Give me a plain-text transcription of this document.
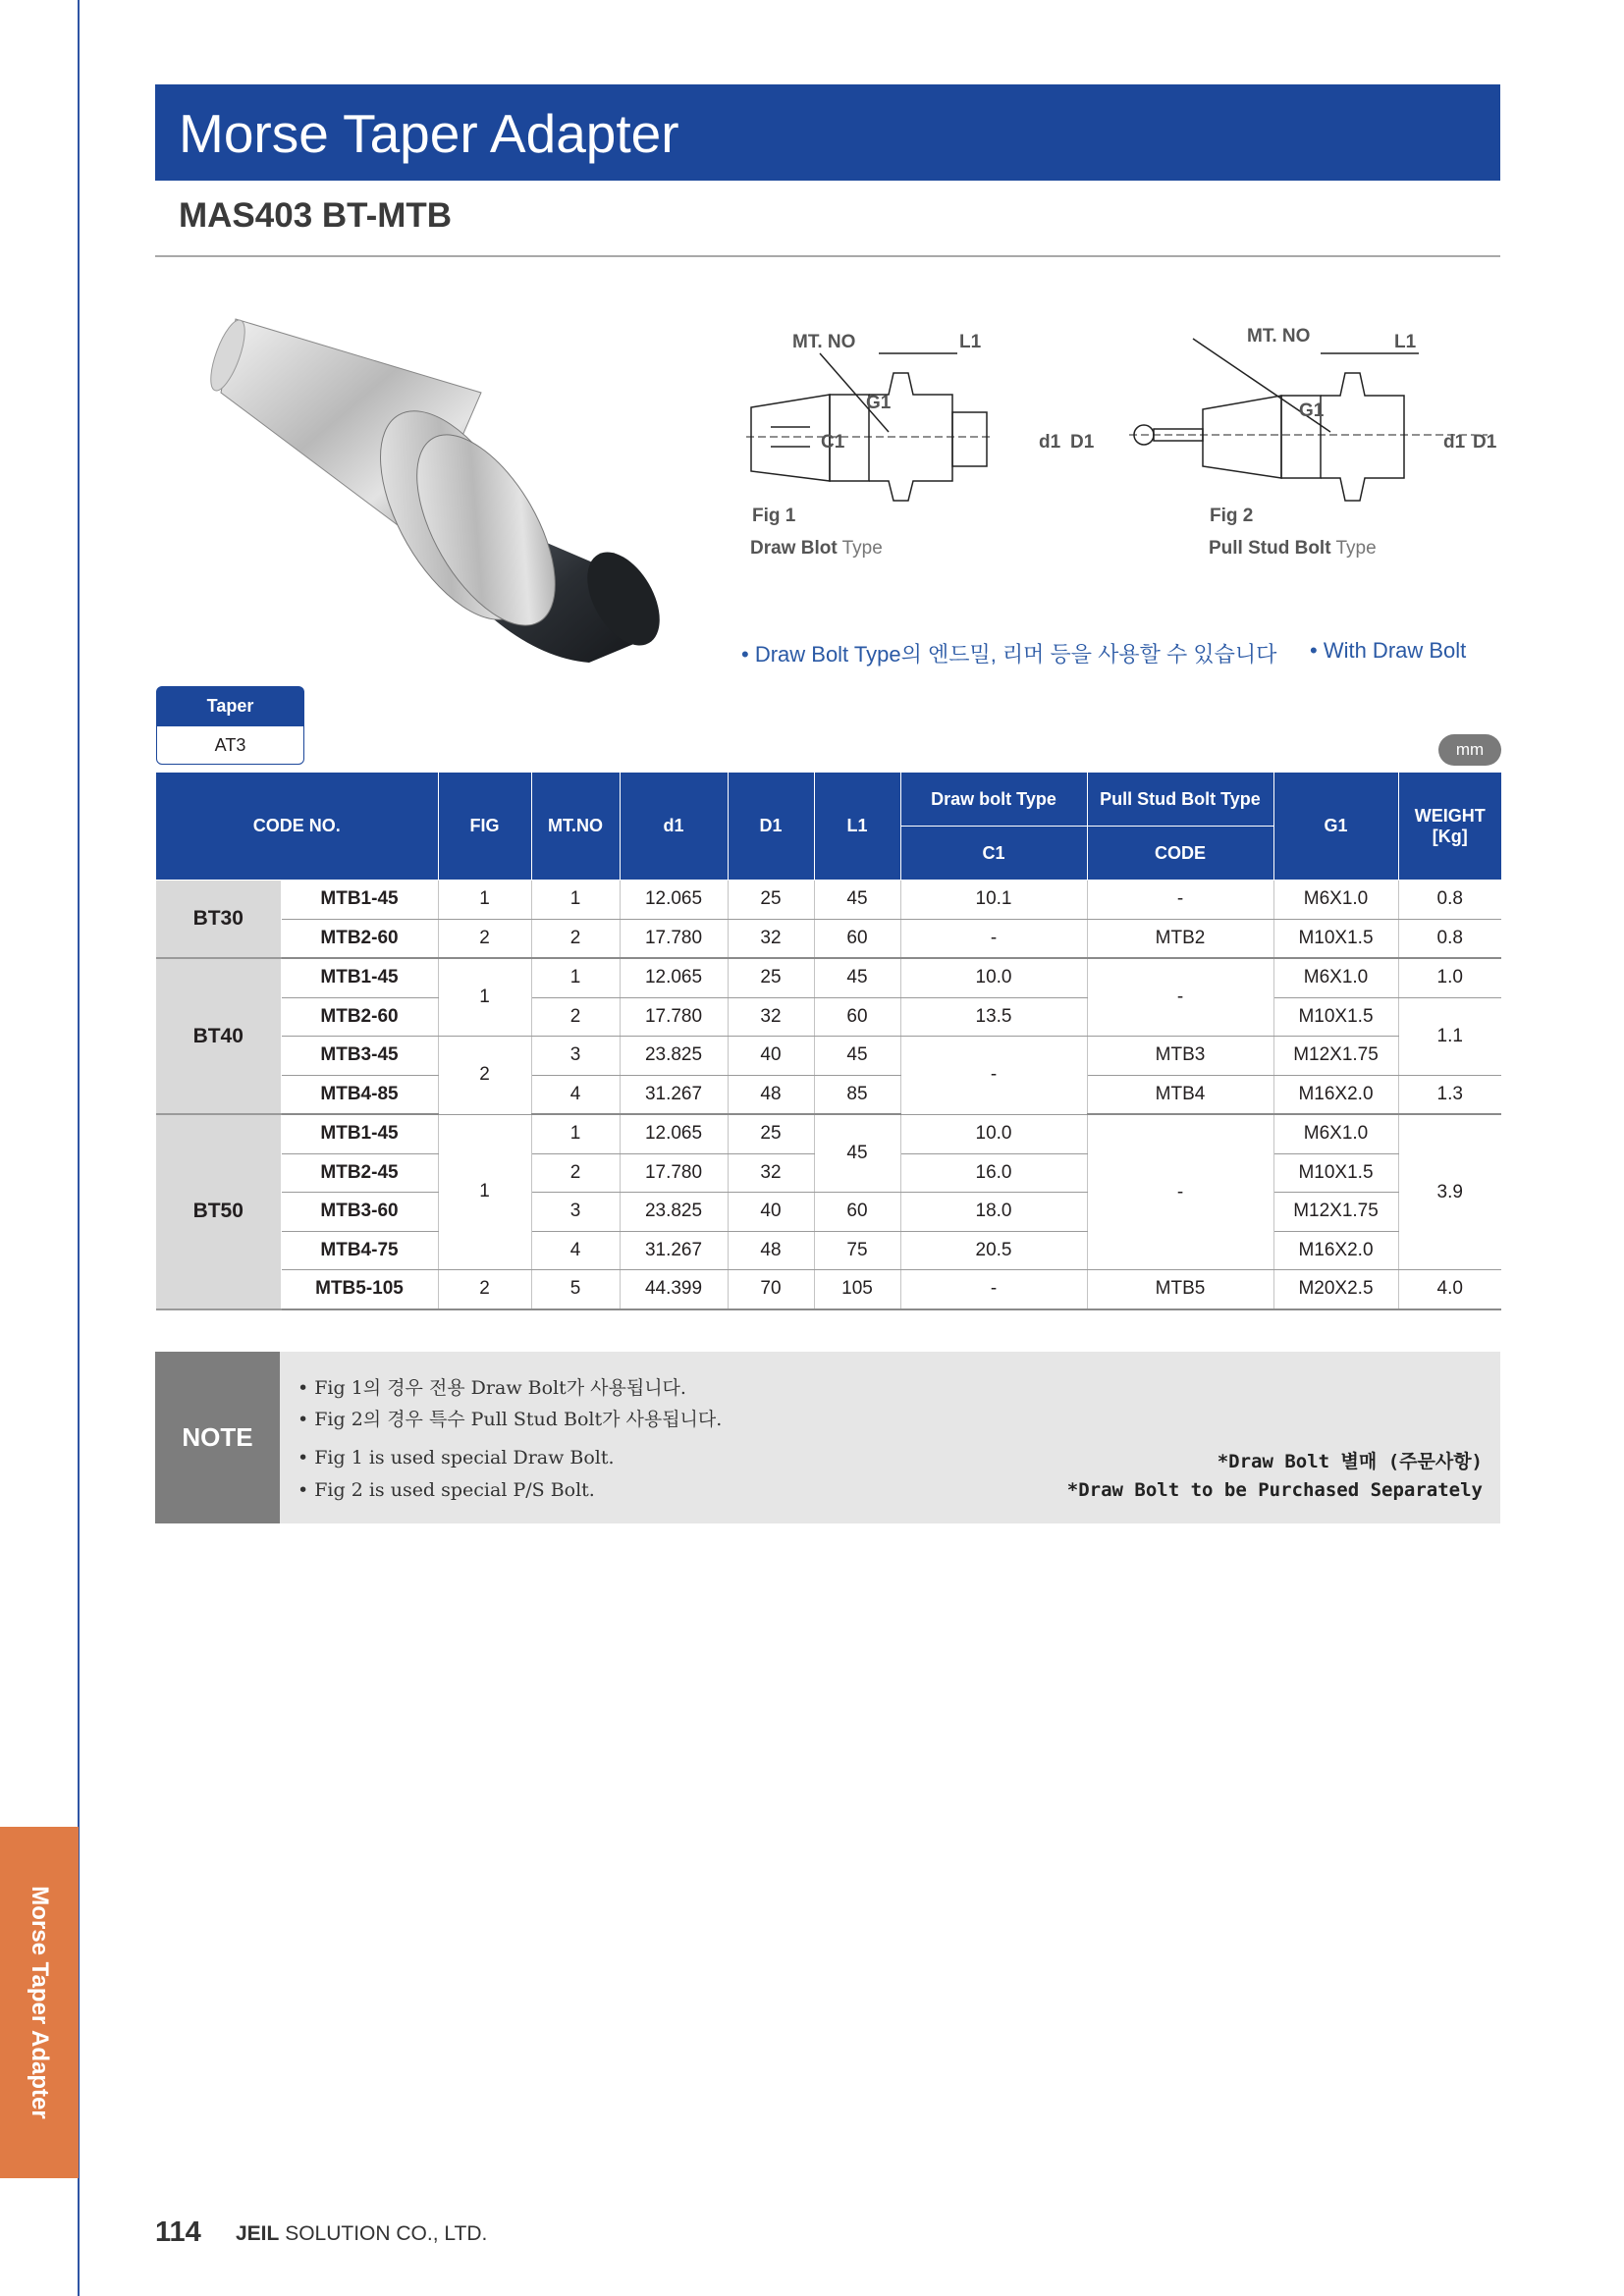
Morse Taper Adapter
Morse Taper Adapter
MAS403 BT-MTB
MT. NO	L1
G1
C1	d1 D1
MT. NO	L1
G1
d1 D1
Fig 1
Draw Blot Type
Fig 2
Pull Stud Bolt Type
• Draw Bolt Type의 엔드밀, 리머 등을 사용할 수 있습니다 • With Draw Bolt
Taper
AT3	mm
CODE NO.		FIG	MT.NO	d1	D1	L1	Draw bolt Type	Pull Stud Bolt Type	G1	WEIGHT
[Kg]
							C1	CODE		
BT30	MTB1-45	1	1	12.065	25	45	10.1	-	M6X1.0	0.8
	MTB2-60	2	2	17.780	32	60	-	MTB2	M10X1.5	0.8
BT40	MTB1-45	1	1	12.065	25	45	10.0	-	M6X1.0	1.0
	MTB2-60		2	17.780	32	60	13.5		M10X1.5	1.1
	MTB3-45	2	3	23.825	40	45	-	MTB3	M12X1.75	
	MTB4-85		4	31.267	48	85		MTB4	M16X2.0	1.3
BT50	MTB1-45	1	1	12.065	25	45	10.0	-	M6X1.0	3.9
	MTB2-45		2	17.780	32		16.0		M10X1.5	
	MTB3-60		3	23.825	40	60	18.0		M12X1.75	
	MTB4-75		4	31.267	48	75	20.5		M16X2.0	
	MTB5-105	2	5	44.399	70	105	-	MTB5	M20X2.5	4.0
NOTE
• Fig 1의 경우 전용 Draw Bolt가 사용됩니다.
• Fig 2의 경우 특수 Pull Stud Bolt가 사용됩니다.
• Fig 1 is used special Draw Bolt.
• Fig 2 is used special P/S Bolt.
*Draw Bolt 별매 (주문사항)
*Draw Bolt to be Purchased Separately
114 JEIL SOLUTION CO., LTD.
